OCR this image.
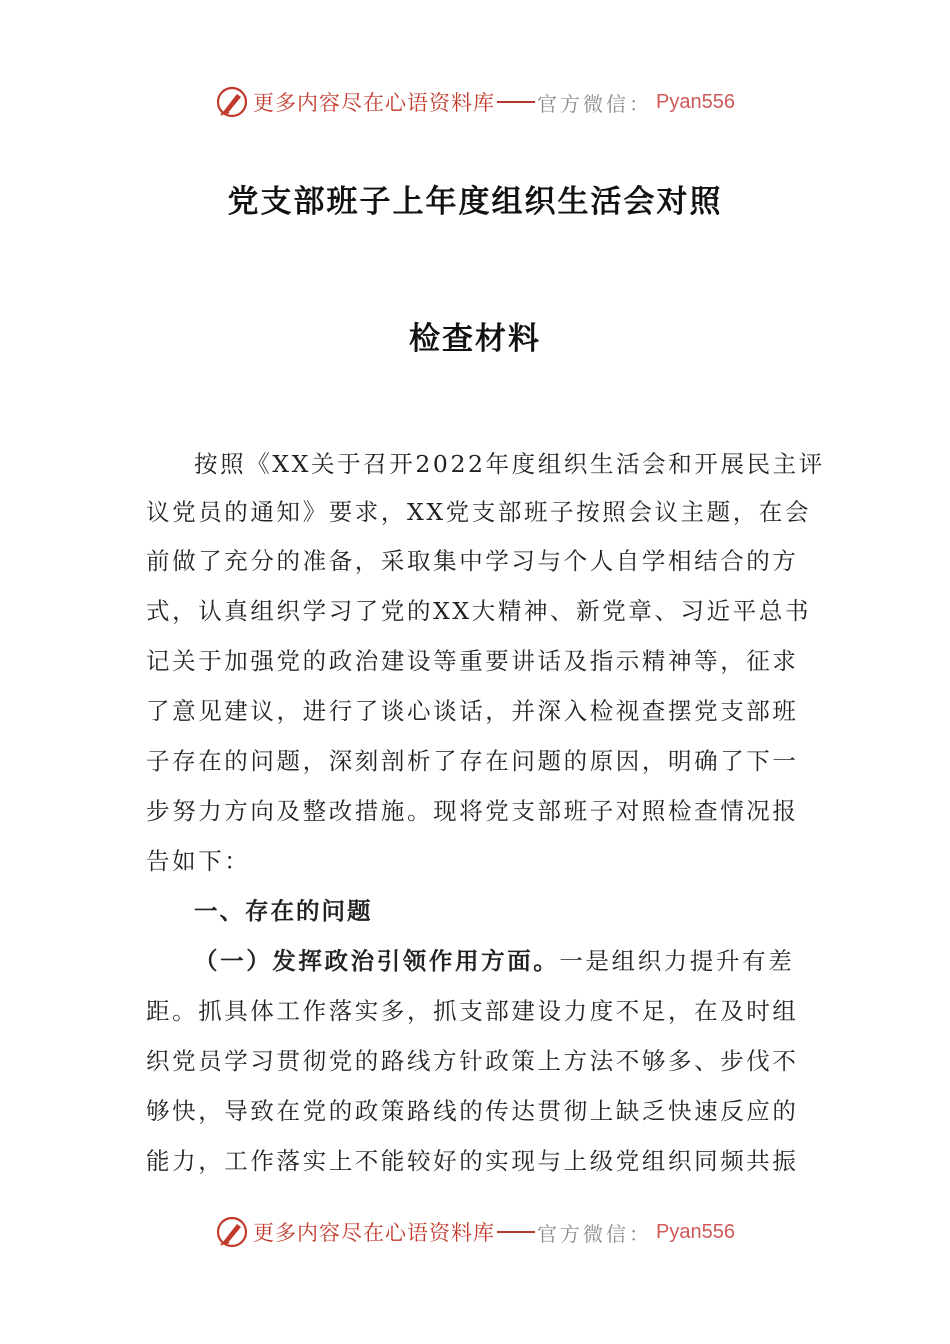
更多内容尽在心语资料库 官方微信： Pyan556
党支部班子上年度组织生活会对照
检查材料
按照《XX关于召开2022年度组织生活会和开展民主评
议党员的通知》要求，XX党支部班子按照会议主题，在会
前做了充分的准备，采取集中学习与个人自学相结合的方
式，认真组织学习了党的XX大精神、新党章、习近平总书
记关于加强党的政治建设等重要讲话及指示精神等，征求
了意见建议，进行了谈心谈话，并深入检视查摆党支部班
子存在的问题，深刻剖析了存在问题的原因，明确了下一
步努力方向及整改措施。现将党支部班子对照检查情况报
告如下：
一、存在的问题
（一）发挥政治引领作用方面。一是组织力提升有差
距。抓具体工作落实多，抓支部建设力度不足，在及时组
织党员学习贯彻党的路线方针政策上方法不够多、步伐不
够快，导致在党的政策路线的传达贯彻上缺乏快速反应的
能力，工作落实上不能较好的实现与上级党组织同频共振
更多内容尽在心语资料库 官方微信： Pyan556
